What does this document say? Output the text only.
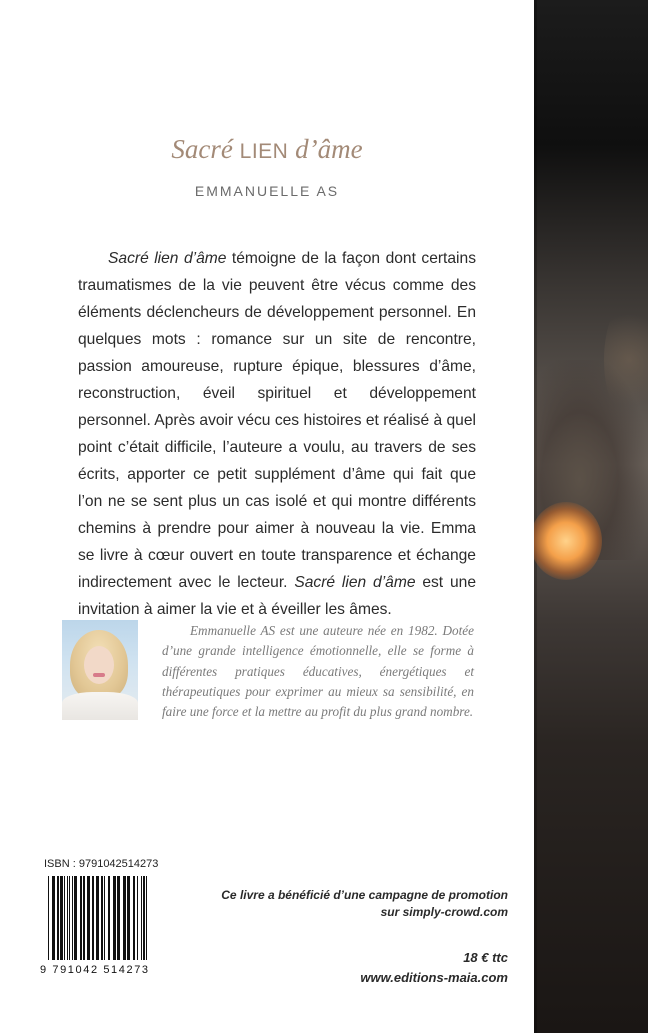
Sacré LIEN d’âme
EMMANUELLE AS
Sacré lien d’âme témoigne de la façon dont certains traumatismes de la vie peuvent être vécus comme des éléments déclencheurs de développement personnel. En quelques mots : romance sur un site de rencontre, passion amoureuse, rupture épique, blessures d’âme, reconstruction, éveil spirituel et développement personnel. Après avoir vécu ces histoires et réalisé à quel point c’était difficile, l’auteure a voulu, au travers de ses écrits, apporter ce petit supplément d’âme qui fait que l’on ne se sent plus un cas isolé et qui montre différents chemins à prendre pour aimer à nouveau la vie. Emma se livre à cœur ouvert en toute transparence et échange indirectement avec le lecteur. Sacré lien d’âme est une invitation à aimer la vie et à éveiller les âmes.
Emmanuelle AS est une auteure née en 1982. Dotée d’une grande intelligence émotionnelle, elle se forme à différentes pratiques éducatives, énergétiques et thérapeutiques pour exprimer au mieux sa sensibilité, en faire une force et la mettre au profit du plus grand nombre.
ISBN : 9791042514273
9 791042 514273
Ce livre a bénéficié d’une campagne de promotion
sur simply-crowd.com
18 € ttc
www.editions-maia.com
